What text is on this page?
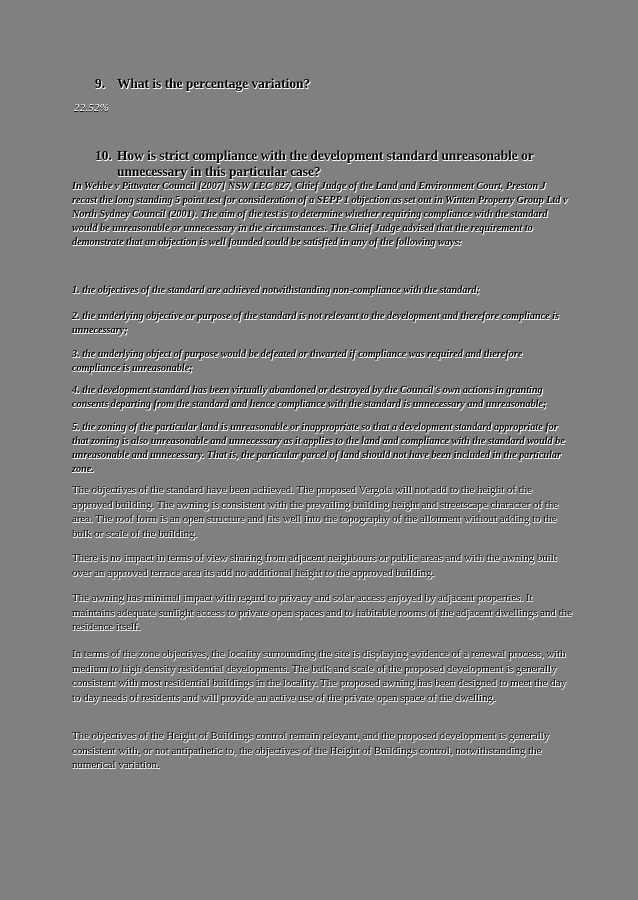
9. What is the percentage variation?
22.52%
10. How is strict compliance with the development standard unreasonable or
unnecessary in this particular case?

In Wehbe v Pittwater Council [2007] NSW LEC 827, Chief Judge of the Land and Environment Court, Preston J recast the long standing 5 point test for consideration of a SEPP 1 objection as set out in Winten Property Group Ltd v North Sydney Council (2001). The aim of the test is to determine whether requiring compliance with the standard would be unreasonable or unnecessary in the circumstances. The Chief Judge advised that the requirement to demonstrate that an objection is well founded could be satisfied in any of the following ways:

1. the objectives of the standard are achieved notwithstanding non-compliance with the standard;

2. the underlying objective or purpose of the standard is not relevant to the development and therefore compliance is unnecessary;

3. the underlying object of purpose would be defeated or thwarted if compliance was required and therefore compliance is unreasonable;

4. the development standard has been virtually abandoned or destroyed by the Council's own actions in granting consents departing from the standard and hence compliance with the standard is unnecessary and unreasonable;

5. the zoning of the particular land is unreasonable or inappropriate so that a development standard appropriate for that zoning is also unreasonable and unnecessary as it applies to the land and compliance with the standard would be unreasonable and unnecessary. That is, the particular parcel of land should not have been included in the particular zone.

The objectives of the standard have been achieved. The proposed Vergola will not add to the height of the approved building. The awning is consistent with the prevailing building height and streetscape character of the area. The roof form is an open structure and fits well into the topography of the allotment without adding to the bulk or scale of the building.

There is no impact in terms of view sharing from adjacent neighbours or public areas and with the awning built over an approved terrace area its add no additional height to the approved building.

The awning has minimal impact with regard to privacy and solar access enjoyed by adjacent properties. It maintains adequate sunlight access to private open spaces and to habitable rooms of the adjacent dwellings and the residence itself.

In terms of the zone objectives, the locality surrounding the site is displaying evidence of a renewal process, with medium to high density residential developments. The bulk and scale of the proposed development is generally consistent with most residential buildings in the locality. The proposed awning has been designed to meet the day to day needs of residents and will provide an active use of the private open space of the dwelling.

The objectives of the Height of Buildings control remain relevant, and the proposed development is generally consistent with, or not antipathetic to, the objectives of the Height of Buildings control, notwithstanding the numerical variation.
